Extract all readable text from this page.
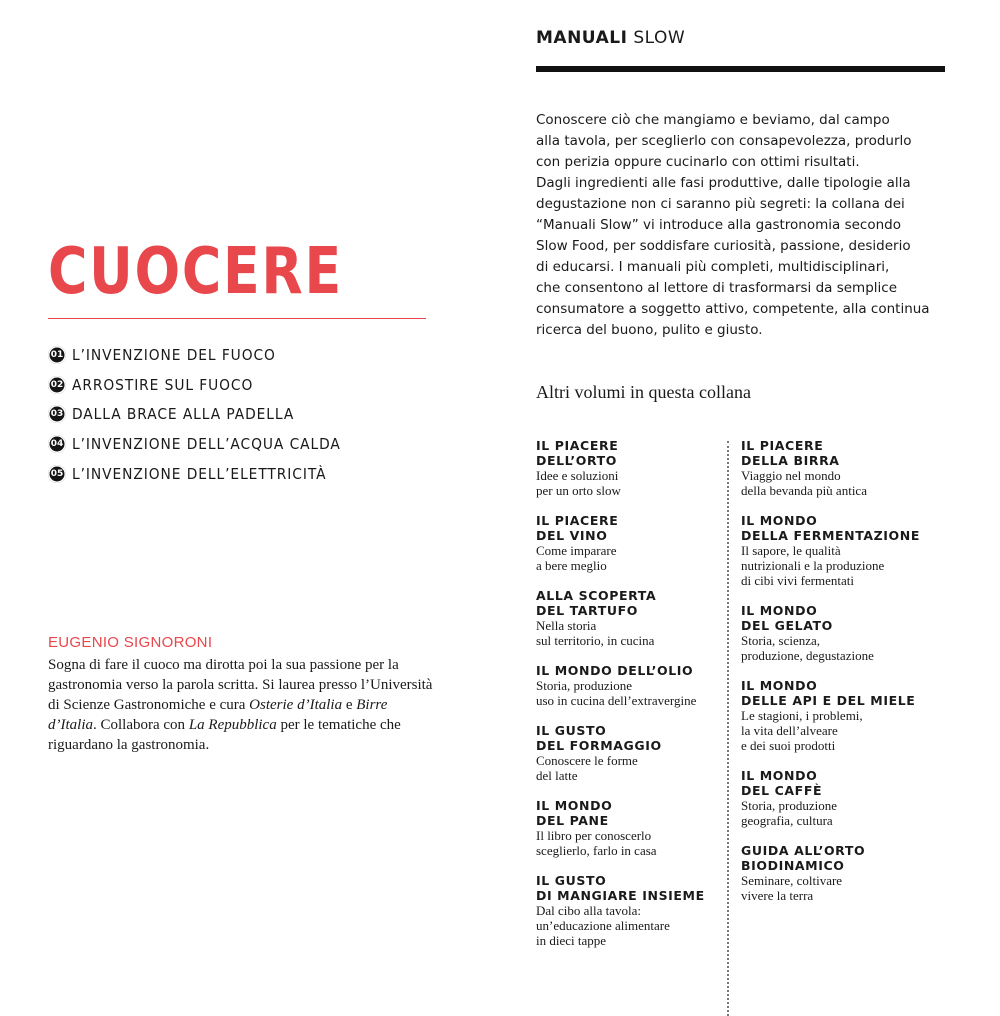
CUOCERE
01 L’INVENZIONE DEL FUOCO
02 ARROSTIRE SUL FUOCO
03 DALLA BRACE ALLA PADELLA
04 L’INVENZIONE DELL’ACQUA CALDA
05 L’INVENZIONE DELL’ELETTRICITÀ
EUGENIO SIGNORONI

Sogna di fare il cuoco ma dirotta poi la sua passione per la gastronomia verso la parola scritta. Si laurea presso l’Università di Scienze Gastronomiche e cura Osterie d’Italia e Birre d’Italia. Collabora con La Repubblica per le tematiche che riguardano la gastronomia.

MANUALI SLOW

Conoscere ciò che mangiamo e beviamo, dal campo
alla tavola, per sceglierlo con consapevolezza, produrlo
con perizia oppure cucinarlo con ottimi risultati.
Dagli ingredienti alle fasi produttive, dalle tipologie alla
degustazione non ci saranno più segreti: la collana dei
“Manuali Slow” vi introduce alla gastronomia secondo
Slow Food, per soddisfare curiosità, passione, desiderio
di educarsi. I manuali più completi, multidisciplinari,
che consentono al lettore di trasformarsi da semplice
consumatore a soggetto attivo, competente, alla continua
ricerca del buono, pulito e giusto.

Altri volumi in questa collana
IL PIACERE
DELL’ORTO
Idee e soluzioni
per un orto slow
IL PIACERE
DEL VINO
Come imparare
a bere meglio
ALLA SCOPERTA
DEL TARTUFO
Nella storia
sul territorio, in cucina
IL MONDO DELL’OLIO
Storia, produzione
uso in cucina dell’extravergine
IL GUSTO
DEL FORMAGGIO
Conoscere le forme
del latte
IL MONDO
DEL PANE
Il libro per conoscerlo
sceglierlo, farlo in casa
IL GUSTO
DI MANGIARE INSIEME
Dal cibo alla tavola:
un’educazione alimentare
in dieci tappe
IL PIACERE
DELLA BIRRA
Viaggio nel mondo
della bevanda più antica
IL MONDO
DELLA FERMENTAZIONE
Il sapore, le qualità
nutrizionali e la produzione
di cibi vivi fermentati
IL MONDO
DEL GELATO
Storia, scienza,
produzione, degustazione
IL MONDO
DELLE API E DEL MIELE
Le stagioni, i problemi,
la vita dell’alveare
e dei suoi prodotti
IL MONDO
DEL CAFFÈ
Storia, produzione
geografia, cultura
GUIDA ALL’ORTO
BIODINAMICO
Seminare, coltivare
vivere la terra
